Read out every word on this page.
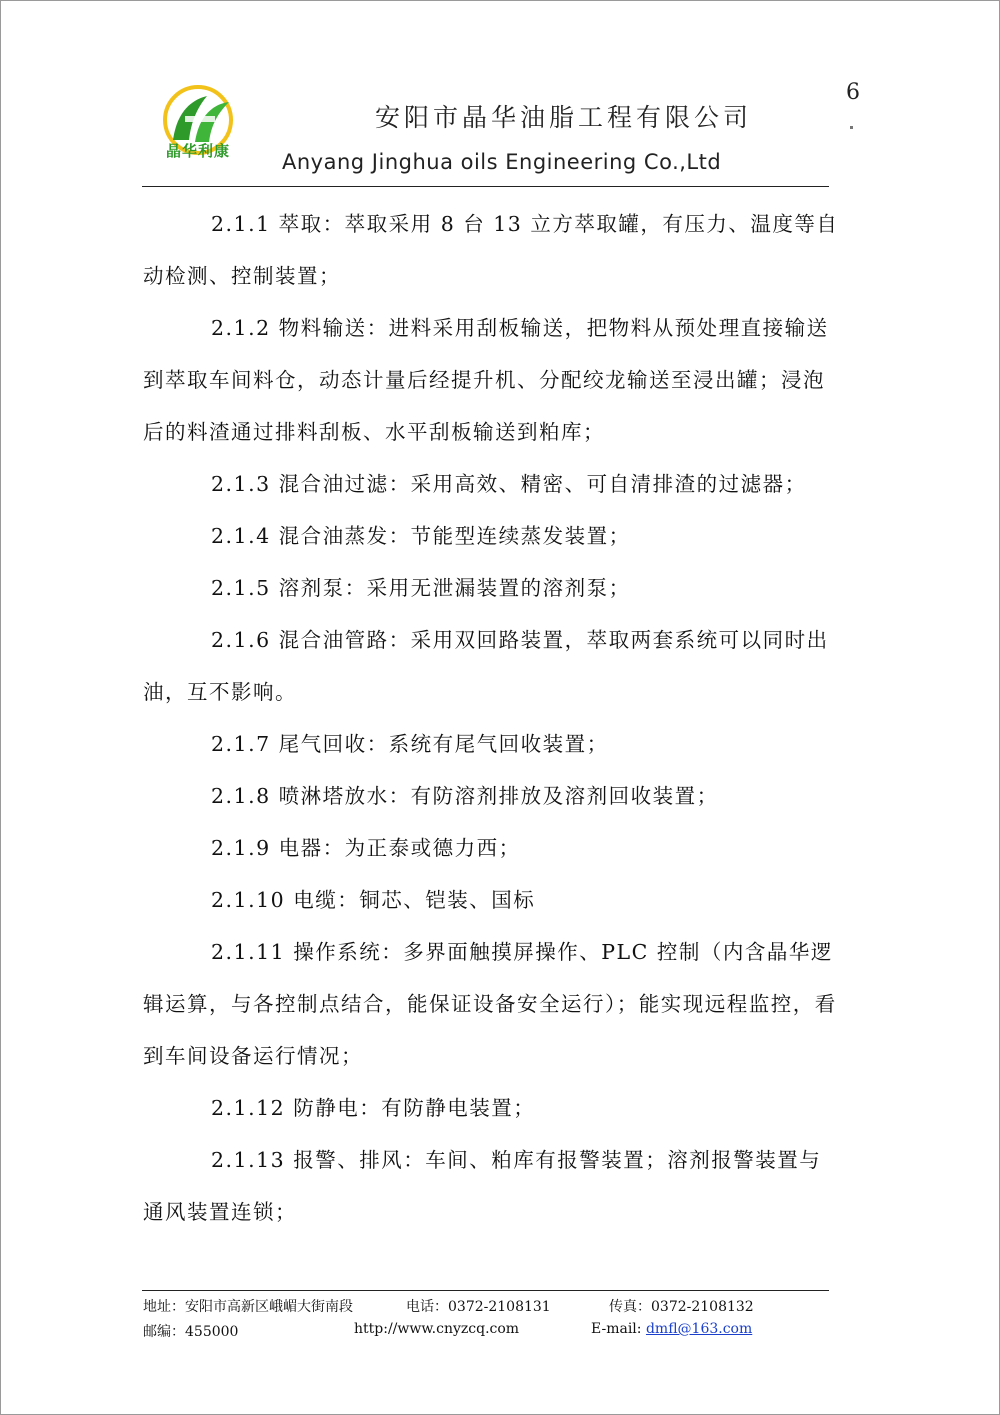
晶华利康
安阳市晶华油脂工程有限公司
Anyang Jinghua oils Engineering Co.,Ltd
6

2.1.1 萃取：萃取采用 8 台 13 立方萃取罐，有压力、温度等自动检测、控制装置；

2.1.2 物料输送：进料采用刮板输送，把物料从预处理直接输送到萃取车间料仓，动态计量后经提升机、分配绞龙输送至浸出罐；浸泡后的料渣通过排料刮板、水平刮板输送到粕库；

2.1.3 混合油过滤：采用高效、精密、可自清排渣的过滤器；

2.1.4 混合油蒸发：节能型连续蒸发装置；

2.1.5 溶剂泵：采用无泄漏装置的溶剂泵；

2.1.6 混合油管路：采用双回路装置，萃取两套系统可以同时出油，互不影响。

2.1.7 尾气回收：系统有尾气回收装置；

2.1.8 喷淋塔放水：有防溶剂排放及溶剂回收装置；

2.1.9 电器：为正泰或德力西；

2.1.10 电缆：铜芯、铠装、国标

2.1.11 操作系统：多界面触摸屏操作、PLC 控制（内含晶华逻辑运算，与各控制点结合，能保证设备安全运行）；能实现远程监控，看到车间设备运行情况；

2.1.12 防静电：有防静电装置；

2.1.13 报警、排风：车间、粕库有报警装置；溶剂报警装置与通风装置连锁；

地址：安阳市高新区峨嵋大街南段	电话：0372-2108131	传真：0372-2108132
邮编：455000	http://www.cnyzcq.com	E-mail: dmfl@163.com
